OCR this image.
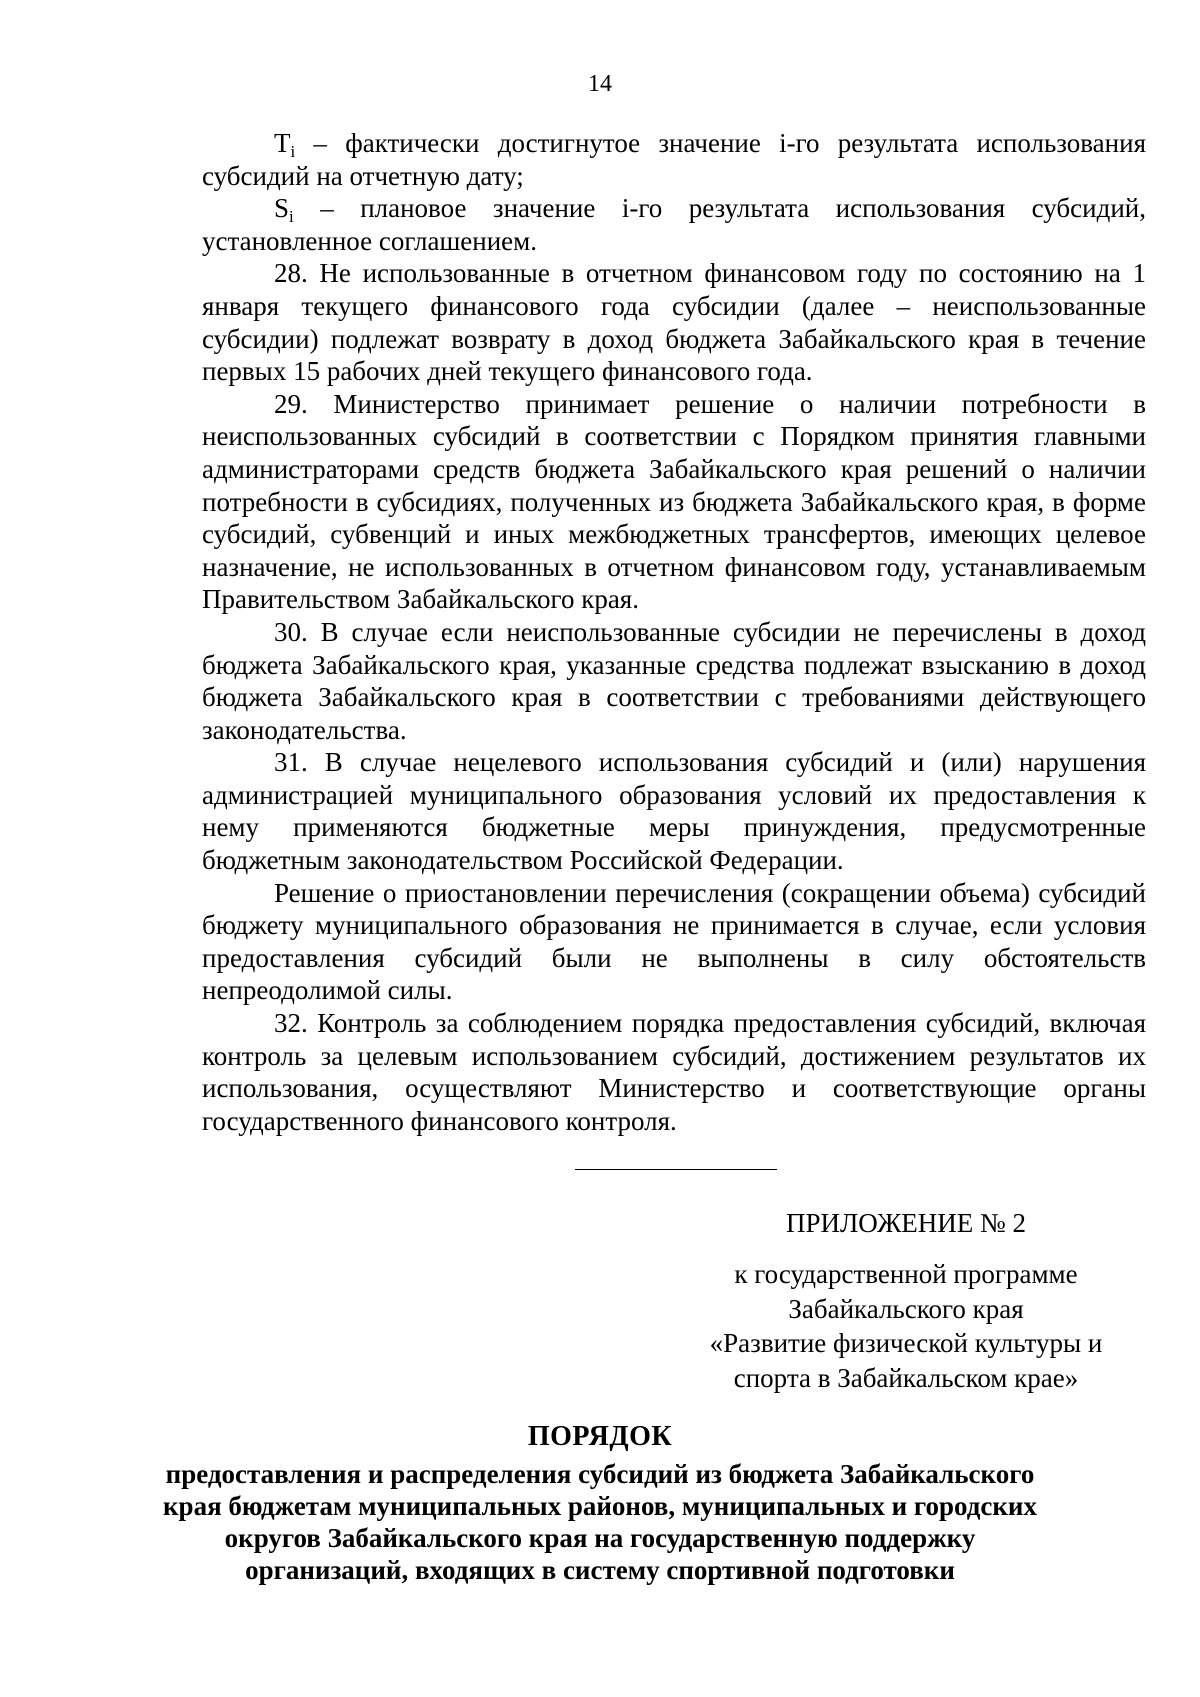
14

$T_i$ – фактически достигнутое значение i-го результата использования субсидий на отчетную дату;

$S_i$ – плановое значение i-го результата использования субсидий, установленное соглашением.

28. Не использованные в отчетном финансовом году по состоянию на 1 января текущего финансового года субсидии (далее – неиспользованные субсидии) подлежат возврату в доход бюджета Забайкальского края в течение первых 15 рабочих дней текущего финансового года.

29. Министерство принимает решение о наличии потребности в неиспользованных субсидий в соответствии с Порядком принятия главными администраторами средств бюджета Забайкальского края решений о наличии потребности в субсидиях, полученных из бюджета Забайкальского края, в форме субсидий, субвенций и иных межбюджетных трансфертов, имеющих целевое назначение, не использованных в отчетном финансовом году, устанавливаемым Правительством Забайкальского края.

30. В случае если неиспользованные субсидии не перечислены в доход бюджета Забайкальского края, указанные средства подлежат взысканию в доход бюджета Забайкальского края в соответствии с требованиями действующего законодательства.

31. В случае нецелевого использования субсидий и (или) нарушения администрацией муниципального образования условий их предоставления к нему применяются бюджетные меры принуждения, предусмотренные бюджетным законодательством Российской Федерации.

Решение о приостановлении перечисления (сокращении объема) субсидий бюджету муниципального образования не принимается в случае, если условия предоставления субсидий были не выполнены в силу обстоятельств непреодолимой силы.

32. Контроль за соблюдением порядка предоставления субсидий, включая контроль за целевым использованием субсидий, достижением результатов их использования, осуществляют Министерство и соответствующие органы государственного финансового контроля.

ПРИЛОЖЕНИЕ № 2
к государственной программе
Забайкальского края
«Развитие физической культуры и
спорта в Забайкальском крае»
ПОРЯДОК
предоставления и распределения субсидий из бюджета Забайкальского
края бюджетам муниципальных районов, муниципальных и городских
округов Забайкальского края на государственную поддержку
организаций, входящих в систему спортивной подготовки
